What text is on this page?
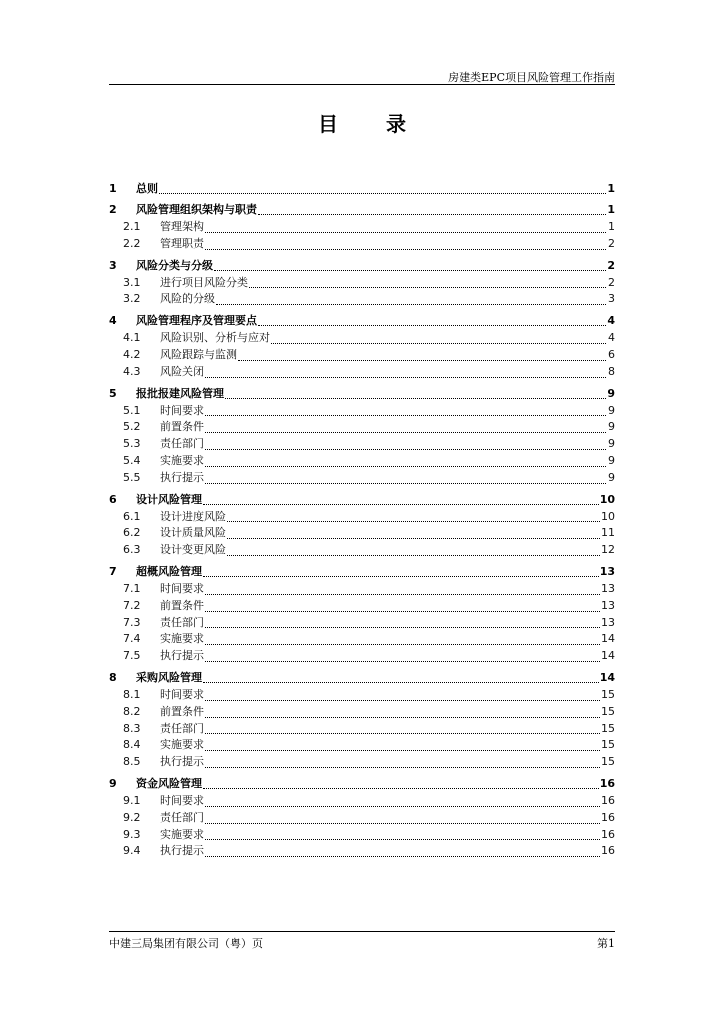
房建类EPC项目风险管理工作指南
目　录
1	总则	1
2	风险管理组织架构与职责	1
2.1	管理架构	1
2.2	管理职责	2
3	风险分类与分级	2
3.1	进行项目风险分类	2
3.2	风险的分级	3
4	风险管理程序及管理要点	4
4.1	风险识别、分析与应对	4
4.2	风险跟踪与监测	6
4.3	风险关闭	8
5	报批报建风险管理	9
5.1	时间要求	9
5.2	前置条件	9
5.3	责任部门	9
5.4	实施要求	9
5.5	执行提示	9
6	设计风险管理	10
6.1	设计进度风险	10
6.2	设计质量风险	11
6.3	设计变更风险	12
7	超概风险管理	13
7.1	时间要求	13
7.2	前置条件	13
7.3	责任部门	13
7.4	实施要求	14
7.5	执行提示	14
8	采购风险管理	14
8.1	时间要求	15
8.2	前置条件	15
8.3	责任部门	15
8.4	实施要求	15
8.5	执行提示	15
9	资金风险管理	16
9.1	时间要求	16
9.2	责任部门	16
9.3	实施要求	16
9.4	执行提示	16
中建三局集团有限公司（粤）页	第1
